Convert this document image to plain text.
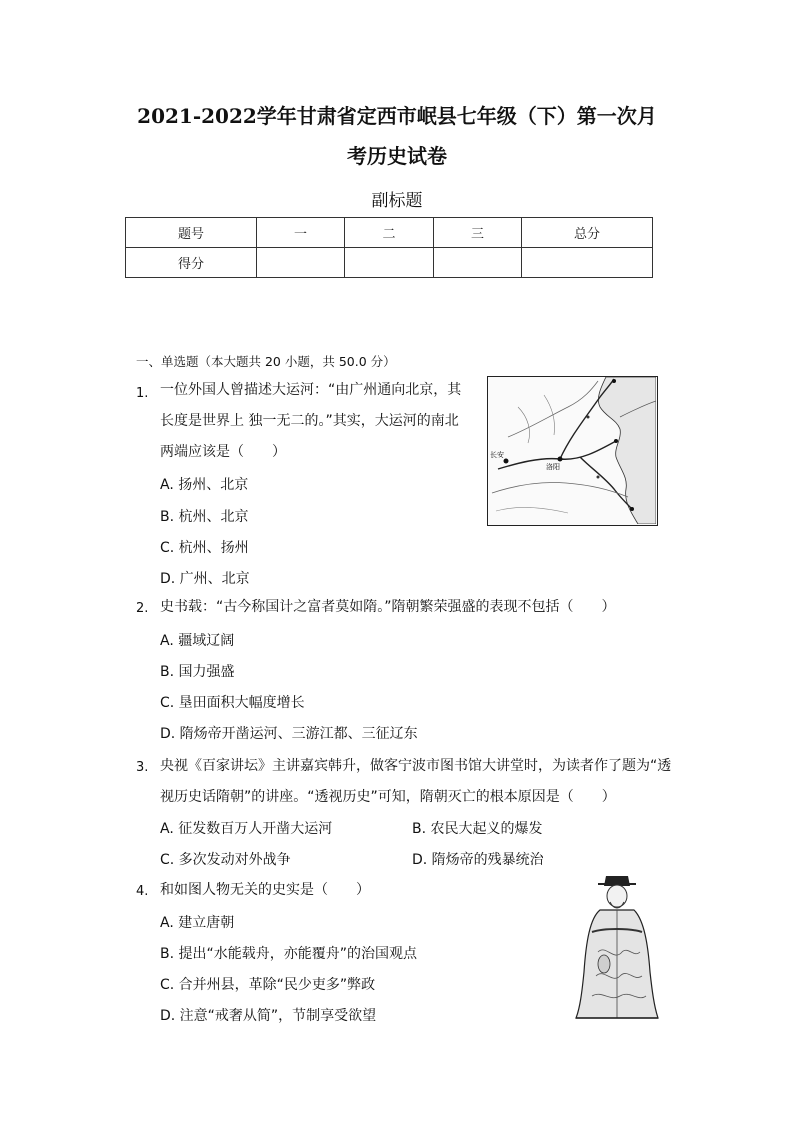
2021-2022学年甘肃省定西市岷县七年级（下）第一次月
考历史试卷
副标题
题号	一	二	三	总分
得分				
一、单选题（本大题共 20 小题，共 50.0 分）
1. 一位外国人曾描述大运河：“由广州通向北京，其
长度是世界上 独一无二的。”其实，大运河的南北
两端应该是（　　）
A. 扬州、北京
B. 杭州、北京
C. 杭州、扬州
D. 广州、北京
长安
洛阳
2. 史书载：“古今称国计之富者莫如隋。”隋朝繁荣强盛的表现不包括（　　）
A. 疆域辽阔
B. 国力强盛
C. 垦田面积大幅度增长
D. 隋炀帝开凿运河、三游江都、三征辽东
3. 央视《百家讲坛》主讲嘉宾韩升，做客宁波市图书馆大讲堂时，为读者作了题为“透
视历史话隋朝”的讲座。“透视历史”可知，隋朝灭亡的根本原因是（　　）
A. 征发数百万人开凿大运河	B. 农民大起义的爆发
C. 多次发动对外战争	D. 隋炀帝的残暴统治
4. 和如图人物无关的史实是（　　）
A. 建立唐朝
B. 提出“水能载舟，亦能覆舟”的治国观点
C. 合并州县，革除“民少吏多”弊政
D. 注意“戒奢从简”，节制享受欲望
